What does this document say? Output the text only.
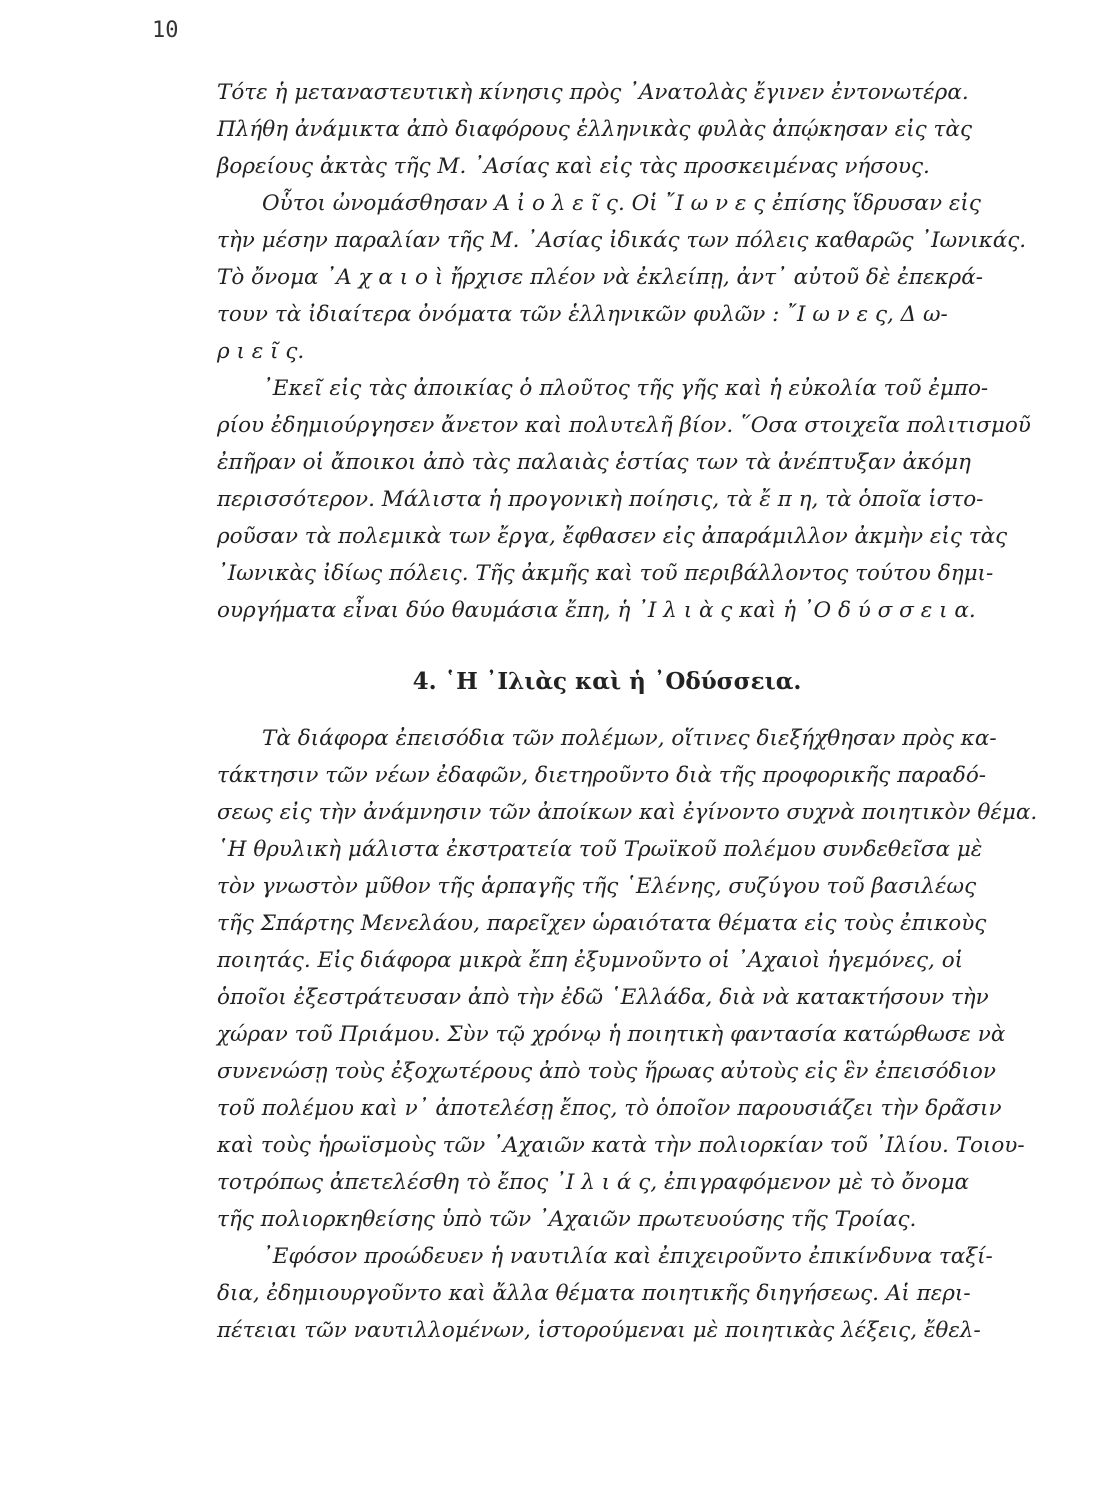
10
Τότε ἡ μεταναστευτικὴ κίνησις πρὸς ᾿Ανατολὰς ἔγινεν ἐντονωτέρα.
Πλήθη ἀνάμικτα ἀπὸ διαφόρους ἑλληνικὰς φυλὰς ἀπῴκησαν εἰς τὰς
βορείους ἀκτὰς τῆς Μ. ᾿Ασίας καὶ εἰς τὰς προσκειμένας νήσους.
Οὗτοι ὠνομάσθησαν Α ἰ ο λ ε ῖ ς. Οἱ ῎Ι ω ν ε ς ἐπίσης ἵδρυσαν εἰς
τὴν μέσην παραλίαν τῆς Μ. ᾿Ασίας ἰδικάς των πόλεις καθαρῶς ᾿Ιωνικάς.
Τὸ ὄνομα ᾿Α χ α ι ο ὶ ἤρχισε πλέον νὰ ἐκλείπῃ, ἀντ᾿ αὐτοῦ δὲ ἐπεκρά-
τουν τὰ ἰδιαίτερα ὀνόματα τῶν ἑλληνικῶν φυλῶν : ῎Ι ω ν ε ς, Δ ω-
ρ ι ε ῖ ς.
᾿Εκεῖ εἰς τὰς ἀποικίας ὁ πλοῦτος τῆς γῆς καὶ ἡ εὐκολία τοῦ ἐμπο-
ρίου ἐδημιούργησεν ἄνετον καὶ πολυτελῆ βίον. ῞Οσα στοιχεῖα πολιτισμοῦ
ἐπῆραν οἱ ἄποικοι ἀπὸ τὰς παλαιὰς ἑστίας των τὰ ἀνέπτυξαν ἀκόμη
περισσότερον. Μάλιστα ἡ προγονικὴ ποίησις, τὰ ἔ π η, τὰ ὁποῖα ἱστο-
ροῦσαν τὰ πολεμικὰ των ἔργα, ἔφθασεν εἰς ἀπαράμιλλον ἀκμὴν εἰς τὰς
᾿Ιωνικὰς ἰδίως πόλεις. Τῆς ἀκμῆς καὶ τοῦ περιβάλλοντος τούτου δημι-
ουργήματα εἶναι δύο θαυμάσια ἔπη, ἡ ᾿Ι λ ι ὰ ς καὶ ἡ ᾿Ο δ ύ σ σ ε ι α.
4. ῾Η ᾿Ιλιὰς καὶ ἡ ᾿Οδύσσεια.
Τὰ διάφορα ἐπεισόδια τῶν πολέμων, οἵτινες διεξήχθησαν πρὸς κα-
τάκτησιν τῶν νέων ἐδαφῶν, διετηροῦντο διὰ τῆς προφορικῆς παραδό-
σεως εἰς τὴν ἀνάμνησιν τῶν ἀποίκων καὶ ἐγίνοντο συχνὰ ποιητικὸν θέμα.
῾Η θρυλικὴ μάλιστα ἐκστρατεία τοῦ Τρωϊκοῦ πολέμου συνδεθεῖσα μὲ
τὸν γνωστὸν μῦθον τῆς ἁρπαγῆς τῆς ῾Ελένης, συζύγου τοῦ βασιλέως
τῆς Σπάρτης Μενελάου, παρεῖχεν ὡραιότατα θέματα εἰς τοὺς ἐπικοὺς
ποιητάς. Εἰς διάφορα μικρὰ ἔπη ἐξυμνοῦντο οἱ ᾿Αχαιοὶ ἡγεμόνες, οἱ
ὁποῖοι ἐξεστράτευσαν ἀπὸ τὴν ἐδῶ ῾Ελλάδα, διὰ νὰ κατακτήσουν τὴν
χώραν τοῦ Πριάμου. Σὺν τῷ χρόνῳ ἡ ποιητικὴ φαντασία κατώρθωσε νὰ
συνενώσῃ τοὺς ἐξοχωτέρους ἀπὸ τοὺς ἥρωας αὐτοὺς εἰς ἓν ἐπεισόδιον
τοῦ πολέμου καὶ ν᾿ ἀποτελέσῃ ἔπος, τὸ ὁποῖον παρουσιάζει τὴν δρᾶσιν
καὶ τοὺς ἡρωϊσμοὺς τῶν ᾿Αχαιῶν κατὰ τὴν πολιορκίαν τοῦ ᾿Ιλίου. Τοιου-
τοτρόπως ἀπετελέσθη τὸ ἔπος ᾿Ι λ ι ά ς, ἐπιγραφόμενον μὲ τὸ ὄνομα
τῆς πολιορκηθείσης ὑπὸ τῶν ᾿Αχαιῶν πρωτευούσης τῆς Τροίας.
᾿Εφόσον προώδευεν ἡ ναυτιλία καὶ ἐπιχειροῦντο ἐπικίνδυνα ταξί-
δια, ἐδημιουργοῦντο καὶ ἄλλα θέματα ποιητικῆς διηγήσεως. Αἱ περι-
πέτειαι τῶν ναυτιλλομένων, ἱστορούμεναι μὲ ποιητικὰς λέξεις, ἔθελ-
